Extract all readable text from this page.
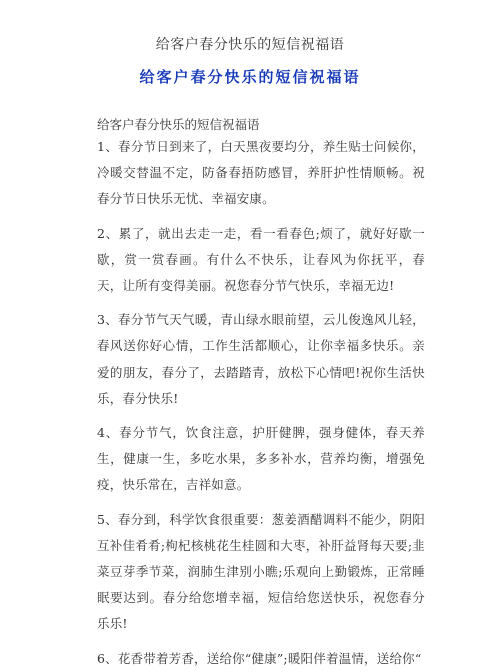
给客户春分快乐的短信祝福语
给客户春分快乐的短信祝福语
给客户春分快乐的短信祝福语

1、春分节日到来了，白天黑夜要均分，养生贴士问候你，冷暖交替温不定，防备春捂防感冒，养肝护性情顺畅。祝春分节日快乐无忧、幸福安康。

2、累了，就出去走一走，看一看春色;烦了，就好好歇一歇，赏一赏春画。有什么不快乐，让春风为你抚平，春天，让所有变得美丽。祝您春分节气快乐，幸福无边!

3、春分节气天气暖，青山绿水眼前望，云儿俊逸风儿轻，春风送你好心情，工作生活都顺心，让你幸福多快乐。亲爱的朋友，春分了，去踏踏青，放松下心情吧!祝你生活快乐，春分快乐!

4、春分节气，饮食注意，护肝健脾，强身健体，春天养生，健康一生，多吃水果，多多补水，营养均衡，增强免疫，快乐常在，吉祥如意。

5、春分到，科学饮食很重要：葱姜酒醋调料不能少，阴阳互补佳肴肴;枸杞核桃花生桂圆和大枣，补肝益肾每天要;韭菜豆芽季节菜，润肺生津别小瞧;乐观向上勤锻炼，正常睡眠要达到。春分给您增幸福，短信给您送快乐，祝您春分乐乐!

6、花香带着芳香，送给你“健康”;暖阳伴着温情，送给你“
